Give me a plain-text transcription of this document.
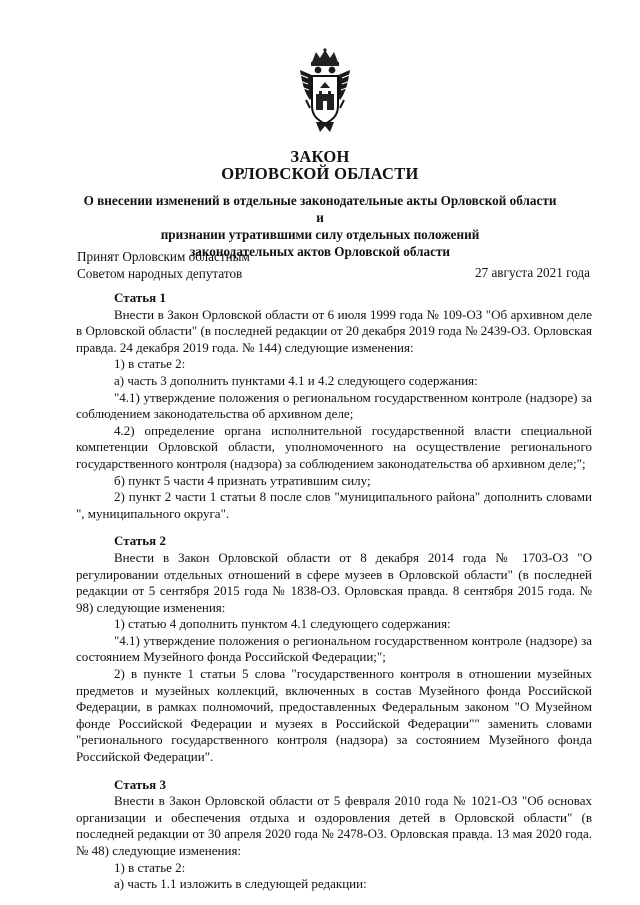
ЗАКОН
ОРЛОВСКОЙ ОБЛАСТИ
О внесении изменений в отдельные законодательные акты Орловской области и
признании утратившими силу отдельных положений
законодательных актов Орловской области
Принят Орловским областным
Советом народных депутатов	27 августа 2021 года

Статья 1

Внести в Закон Орловской области от 6 июля 1999 года № 109-ОЗ "Об архивном деле в Орловской области" (в последней редакции от 20 декабря 2019 года № 2439-ОЗ. Орловская правда. 24 декабря 2019 года. № 144) следующие изменения:

1) в статье 2:

а) часть 3 дополнить пунктами 4.1 и 4.2 следующего содержания:

"4.1) утверждение положения о региональном государственном контроле (надзоре) за соблюдением законодательства об архивном деле;

4.2) определение органа исполнительной государственной власти специальной компетенции Орловской области, уполномоченного на осуществление регионального государственного контроля (надзора) за соблюдением законодательства об архивном деле;";

б) пункт 5 части 4 признать утратившим силу;

2) пункт 2 части 1 статьи 8 после слов "муниципального района" дополнить словами ", муниципального округа".

Статья 2

Внести в Закон Орловской области от 8 декабря 2014 года № 1703-ОЗ "О регулировании отдельных отношений в сфере музеев в Орловской области" (в последней редакции от 5 сентября 2015 года № 1838-ОЗ. Орловская правда. 8 сентября 2015 года. № 98) следующие изменения:

1) статью 4 дополнить пунктом 4.1 следующего содержания:

"4.1) утверждение положения о региональном государственном контроле (надзоре) за состоянием Музейного фонда Российской Федерации;";

2) в пункте 1 статьи 5 слова "государственного контроля в отношении музейных предметов и музейных коллекций, включенных в состав Музейного фонда Российской Федерации, в рамках полномочий, предоставленных Федеральным законом "О Музейном фонде Российской Федерации и музеях в Российской Федерации"" заменить словами "регионального государственного контроля (надзора) за состоянием Музейного фонда Российской Федерации".

Статья 3

Внести в Закон Орловской области от 5 февраля 2010 года № 1021-ОЗ "Об основах организации и обеспечения отдыха и оздоровления детей в Орловской области" (в последней редакции от 30 апреля 2020 года № 2478-ОЗ. Орловская правда. 13 мая 2020 года. № 48) следующие изменения:

1) в статье 2:

а) часть 1.1 изложить в следующей редакции:
